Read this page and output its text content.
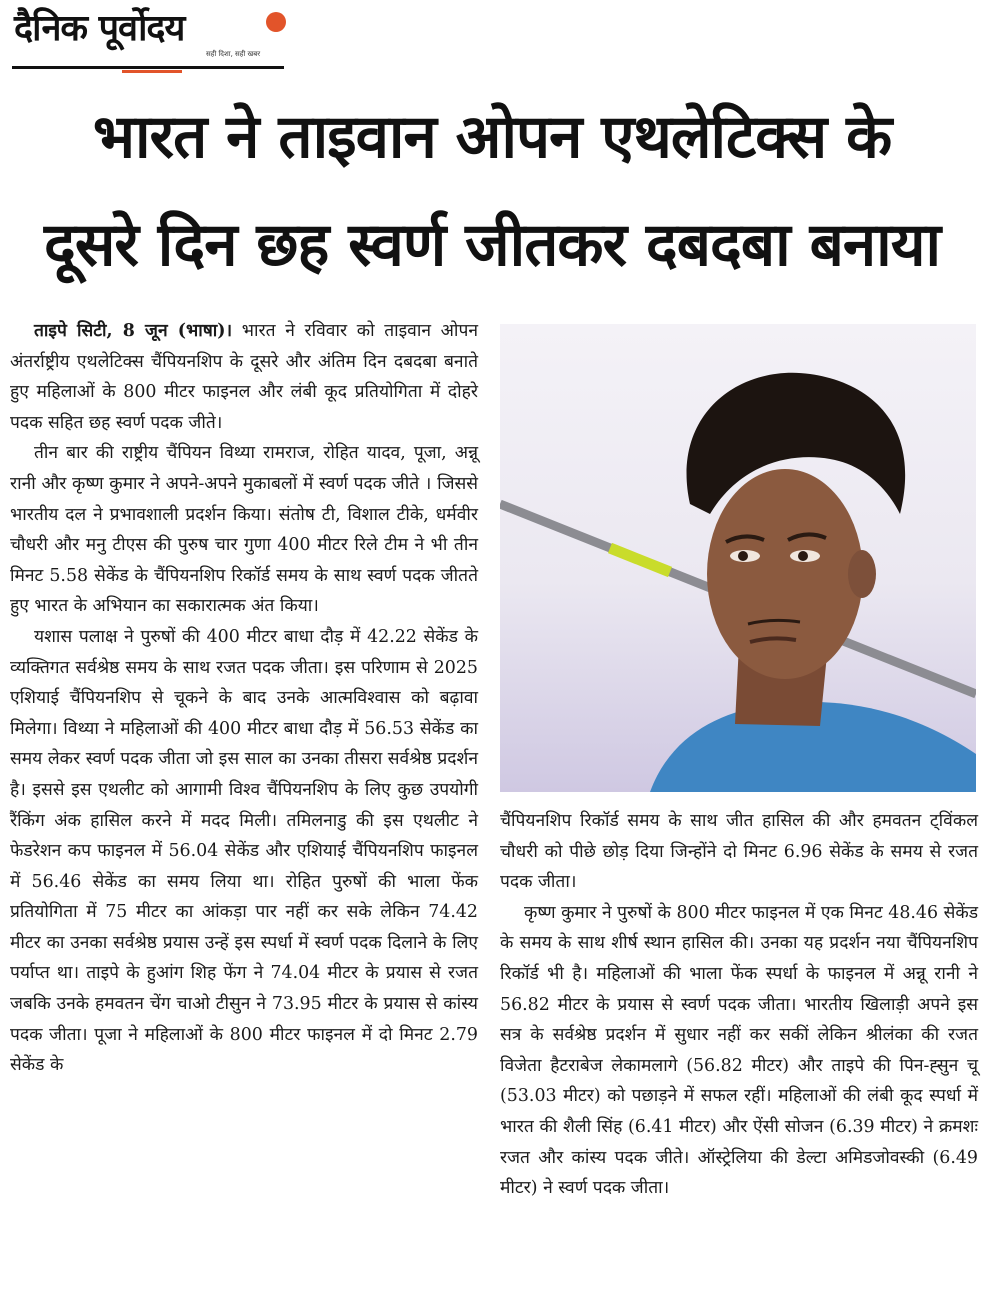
दैनिक पूर्वोदय
सही दिशा, सही खबर
भारत ने ताइवान ओपन एथलेटिक्स के
दूसरे दिन छह स्वर्ण जीतकर दबदबा बनाया

ताइपे सिटी, 8 जून (भाषा)। भारत ने रविवार को ताइवान ओपन अंतर्राष्ट्रीय एथलेटिक्स चैंपियनशिप के दूसरे और अंतिम दिन दबदबा बनाते हुए महिलाओं के 800 मीटर फाइनल और लंबी कूद प्रतियोगिता में दोहरे पदक सहित छह स्वर्ण पदक जीते।

तीन बार की राष्ट्रीय चैंपियन विथ्या रामराज, रोहित यादव, पूजा, अन्नू रानी और कृष्ण कुमार ने अपने-अपने मुकाबलों में स्वर्ण पदक जीते । जिससे भारतीय दल ने प्रभावशाली प्रदर्शन किया। संतोष टी, विशाल टीके, धर्मवीर चौधरी और मनु टीएस की पुरुष चार गुणा 400 मीटर रिले टीम ने भी तीन मिनट 5.58 सेकेंड के चैंपियनशिप रिकॉर्ड समय के साथ स्वर्ण पदक जीतते हुए भारत के अभियान का सकारात्मक अंत किया।

यशास पलाक्ष ने पुरुषों की 400 मीटर बाधा दौड़ में 42.22 सेकेंड के व्यक्तिगत सर्वश्रेष्ठ समय के साथ रजत पदक जीता। इस परिणाम से 2025 एशियाई चैंपियनशिप से चूकने के बाद उनके आत्मविश्वास को बढ़ावा मिलेगा। विथ्या ने महिलाओं की 400 मीटर बाधा दौड़ में 56.53 सेकेंड का समय लेकर स्वर्ण पदक जीता जो इस साल का उनका तीसरा सर्वश्रेष्ठ प्रदर्शन है। इससे इस एथलीट को आगामी विश्व चैंपियनशिप के लिए कुछ उपयोगी रैंकिंग अंक हासिल करने में मदद मिली। तमिलनाडु की इस एथलीट ने फेडरेशन कप फाइनल में 56.04 सेकेंड और एशियाई चैंपियनशिप फाइनल में 56.46 सेकेंड का समय लिया था। रोहित पुरुषों की भाला फेंक प्रतियोगिता में 75 मीटर का आंकड़ा पार नहीं कर सके लेकिन 74.42 मीटर का उनका सर्वश्रेष्ठ प्रयास उन्हें इस स्पर्धा में स्वर्ण पदक दिलाने के लिए पर्याप्त था। ताइपे के हुआंग शिह फेंग ने 74.04 मीटर के प्रयास से रजत जबकि उनके हमवतन चेंग चाओ टीसुन ने 73.95 मीटर के प्रयास से कांस्य पदक जीता। पूजा ने महिलाओं के 800 मीटर फाइनल में दो मिनट 2.79 सेकेंड के

चैंपियनशिप रिकॉर्ड समय के साथ जीत हासिल की और हमवतन ट्विंकल चौधरी को पीछे छोड़ दिया जिन्होंने दो मिनट 6.96 सेकेंड के समय से रजत पदक जीता।

कृष्ण कुमार ने पुरुषों के 800 मीटर फाइनल में एक मिनट 48.46 सेकेंड के समय के साथ शीर्ष स्थान हासिल की। उनका यह प्रदर्शन नया चैंपियनशिप रिकॉर्ड भी है। महिलाओं की भाला फेंक स्पर्धा के फाइनल में अन्नू रानी ने 56.82 मीटर के प्रयास से स्वर्ण पदक जीता। भारतीय खिलाड़ी अपने इस सत्र के सर्वश्रेष्ठ प्रदर्शन में सुधार नहीं कर सकीं लेकिन श्रीलंका की रजत विजेता हैटराबेज लेकामलागे (56.82 मीटर) और ताइपे की पिन-ह्सुन चू (53.03 मीटर) को पछाड़ने में सफल रहीं। महिलाओं की लंबी कूद स्पर्धा में भारत की शैली सिंह (6.41 मीटर) और ऐंसी सोजन (6.39 मीटर) ने क्रमशः रजत और कांस्य पदक जीते। ऑस्ट्रेलिया की डेल्टा अमिडजोवस्की (6.49 मीटर) ने स्वर्ण पदक जीता।
